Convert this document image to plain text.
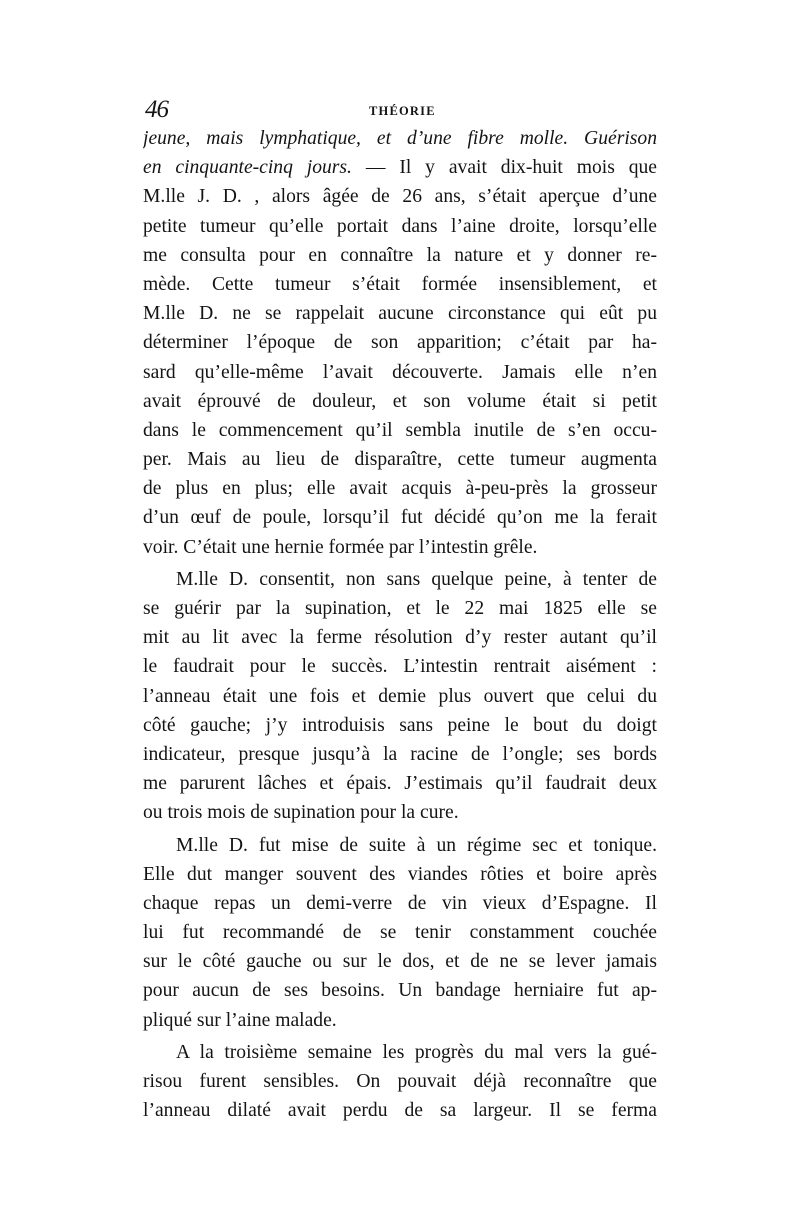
46	THÉORIE
jeune, mais lymphatique, et d’une fibre molle. Guérison
en cinquante-cinq jours. — Il y avait dix-huit mois que
M.lle J. D. , alors âgée de 26 ans, s’était aperçue d’une
petite tumeur qu’elle portait dans l’aine droite, lorsqu’elle
me consulta pour en connaître la nature et y donner re-
mède. Cette tumeur s’était formée insensiblement, et
M.lle D. ne se rappelait aucune circonstance qui eût pu
déterminer l’époque de son apparition; c’était par ha-
sard qu’elle-même l’avait découverte. Jamais elle n’en
avait éprouvé de douleur, et son volume était si petit
dans le commencement qu’il sembla inutile de s’en occu-
per. Mais au lieu de disparaître, cette tumeur augmenta
de plus en plus; elle avait acquis à-peu-près la grosseur
d’un œuf de poule, lorsqu’il fut décidé qu’on me la ferait
voir. C’était une hernie formée par l’intestin grêle.
M.lle D. consentit, non sans quelque peine, à tenter de
se guérir par la supination, et le 22 mai 1825 elle se
mit au lit avec la ferme résolution d’y rester autant qu’il
le faudrait pour le succès. L’intestin rentrait aisément :
l’anneau était une fois et demie plus ouvert que celui du
côté gauche; j’y introduisis sans peine le bout du doigt
indicateur, presque jusqu’à la racine de l’ongle; ses bords
me parurent lâches et épais. J’estimais qu’il faudrait deux
ou trois mois de supination pour la cure.
M.lle D. fut mise de suite à un régime sec et tonique.
Elle dut manger souvent des viandes rôties et boire après
chaque repas un demi-verre de vin vieux d’Espagne. Il
lui fut recommandé de se tenir constamment couchée
sur le côté gauche ou sur le dos, et de ne se lever jamais
pour aucun de ses besoins. Un bandage herniaire fut ap-
pliqué sur l’aine malade.
A la troisième semaine les progrès du mal vers la gué-
risou furent sensibles. On pouvait déjà reconnaître que
l’anneau dilaté avait perdu de sa largeur. Il se ferma
